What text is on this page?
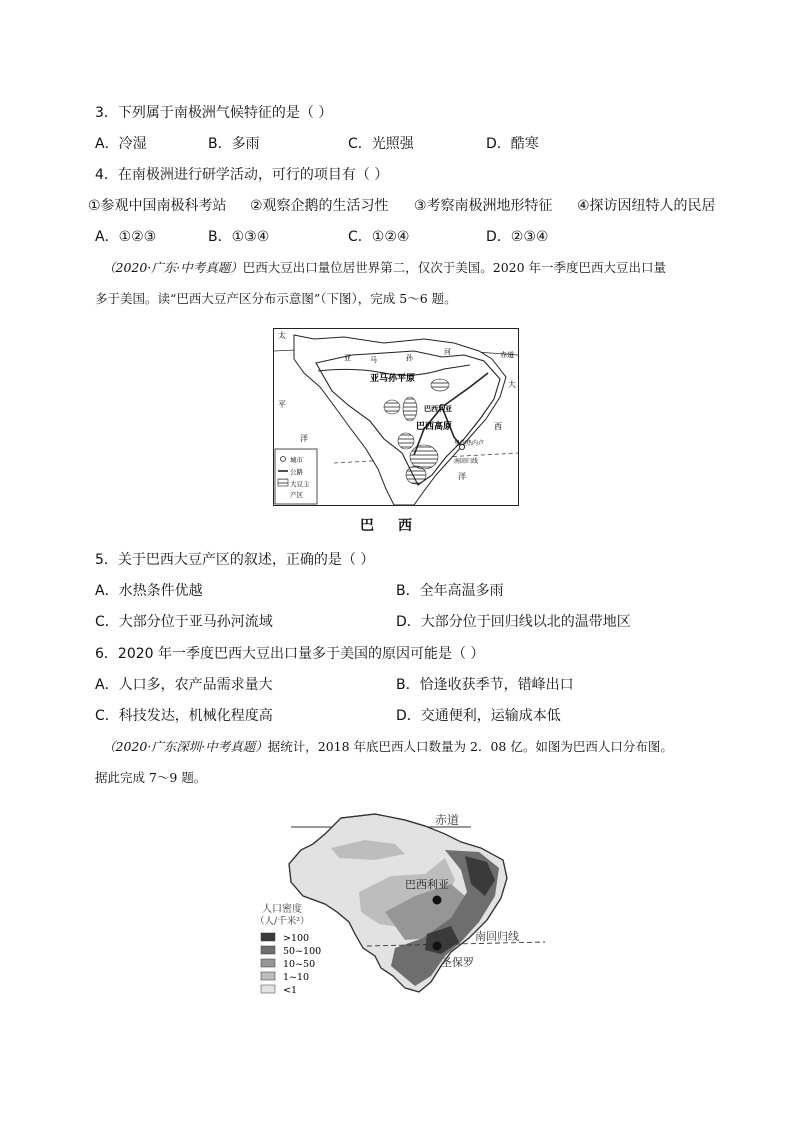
3．下列属于南极洲气候特征的是（ ）
A．冷湿	B．多雨	C．光照强	D．酷寒
4．在南极洲进行研学活动，可行的项目有（ ）
①参观中国南极科考站 ②观察企鹅的生活习性 ③考察南极洲地形特征 ④探访因纽特人的民居
A．①②③	B．①③④	C．①②④	D．②③④
（2020·广东·中考真题）巴西大豆出口量位居世界第二，仅次于美国。2020 年一季度巴西大豆出口量
多于美国。读“巴西大豆产区分布示意图”（下图），完成 5～6 题。
太
平
洋
亚	马	孙
河	赤道
大
西
洋
亚马孙平原
巴西利亚
巴西高原
里约热内卢
南回归线
城市
公路
大豆主
产区
巴西
5．关于巴西大豆产区的叙述，正确的是（ ）
A．水热条件优越	B．全年高温多雨
C．大部分位于亚马孙河流域	D．大部分位于回归线以北的温带地区
6．2020 年一季度巴西大豆出口量多于美国的原因可能是（ ）
A．人口多，农产品需求量大	B．恰逢收获季节，错峰出口
C．科技发达，机械化程度高	D．交通便利，运输成本低
（2020·广东深圳·中考真题）据统计，2018 年底巴西人口数量为 2．08 亿。如图为巴西人口分布图。
据此完成 7～9 题。
赤道
巴西利亚
南回归线
圣保罗
人口密度
（人/千米²）
>100
50~100
10~50
1~10
<1
